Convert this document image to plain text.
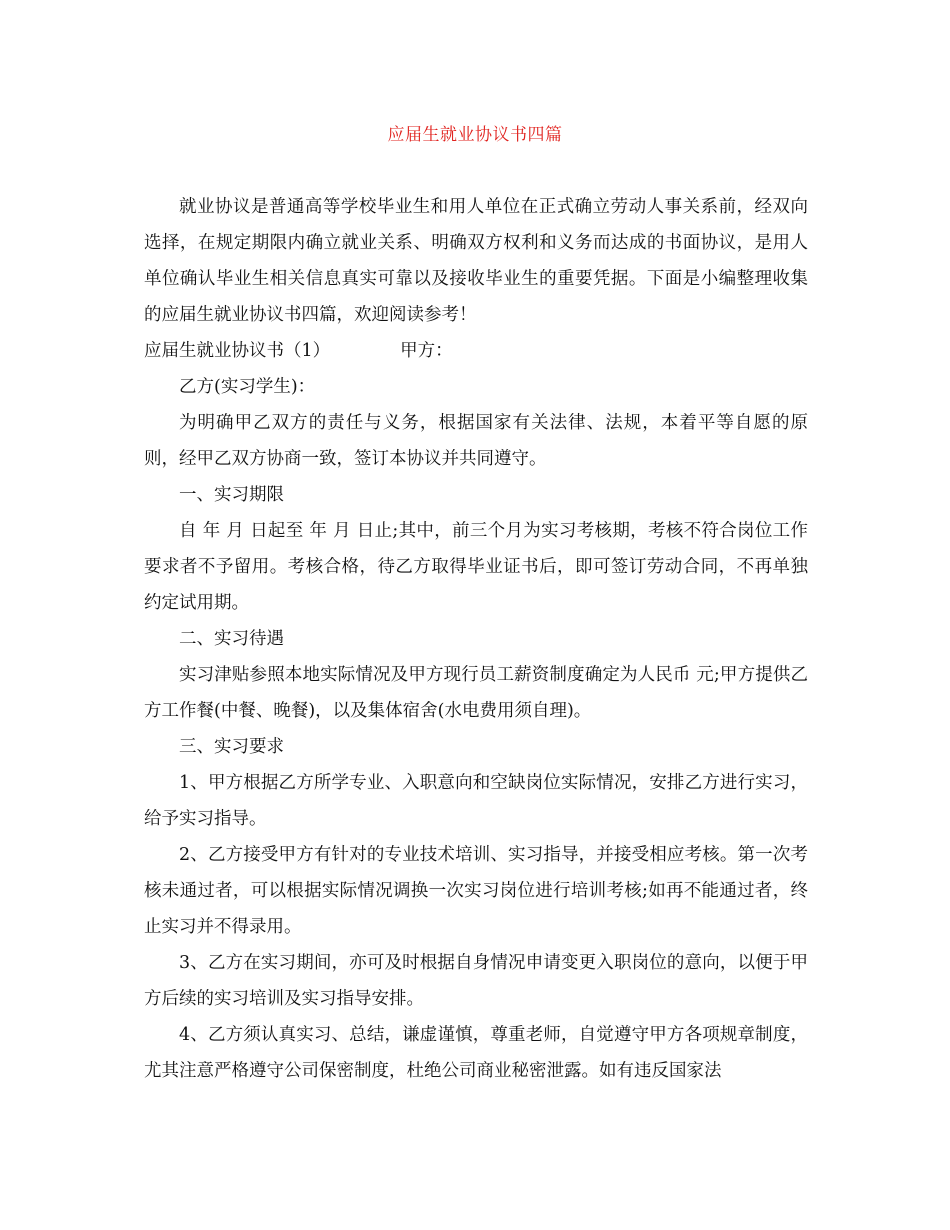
应届生就业协议书四篇

就业协议是普通高等学校毕业生和用人单位在正式确立劳动人事关系前，经双向选择，在规定期限内确立就业关系、明确双方权利和义务而达成的书面协议，是用人单位确认毕业生相关信息真实可靠以及接收毕业生的重要凭据。下面是小编整理收集的应届生就业协议书四篇，欢迎阅读参考！

应届生就业协议书（1）	甲方：

乙方(实习学生)：

为明确甲乙双方的责任与义务，根据国家有关法律、法规，本着平等自愿的原则，经甲乙双方协商一致，签订本协议并共同遵守。

一、实习期限

自 年 月 日起至 年 月 日止;其中，前三个月为实习考核期，考核不符合岗位工作要求者不予留用。考核合格，待乙方取得毕业证书后，即可签订劳动合同，不再单独约定试用期。

二、实习待遇

实习津贴参照本地实际情况及甲方现行员工薪资制度确定为人民币 元;甲方提供乙方工作餐(中餐、晚餐)，以及集体宿舍(水电费用须自理)。

三、实习要求

1、甲方根据乙方所学专业、入职意向和空缺岗位实际情况，安排乙方进行实习，给予实习指导。

2、乙方接受甲方有针对的专业技术培训、实习指导，并接受相应考核。第一次考核未通过者，可以根据实际情况调换一次实习岗位进行培训考核;如再不能通过者，终止实习并不得录用。

3、乙方在实习期间，亦可及时根据自身情况申请变更入职岗位的意向，以便于甲方后续的实习培训及实习指导安排。

4、乙方须认真实习、总结，谦虚谨慎，尊重老师，自觉遵守甲方各项规章制度，尤其注意严格遵守公司保密制度，杜绝公司商业秘密泄露。如有违反国家法
